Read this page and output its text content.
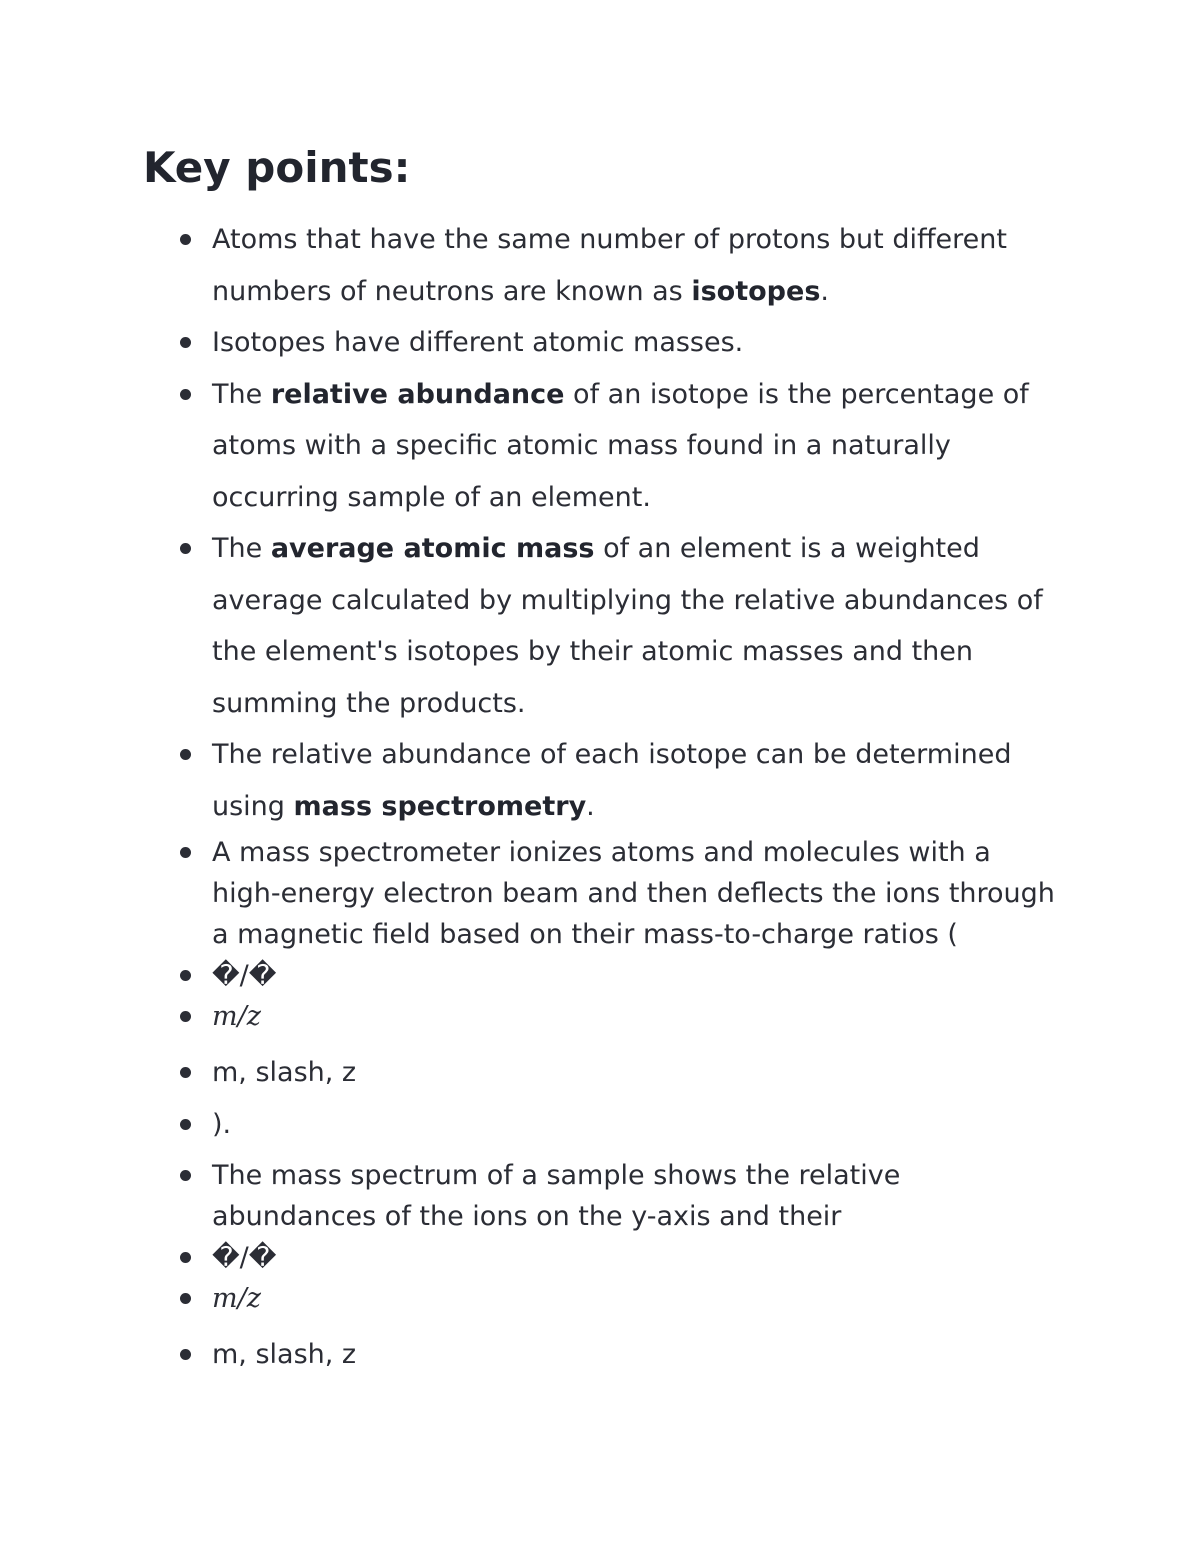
Key points:
Atoms that have the same number of protons but different numbers of neutrons are known as isotopes.
Isotopes have different atomic masses.
The relative abundance of an isotope is the percentage of atoms with a specific atomic mass found in a naturally occurring sample of an element.
The average atomic mass of an element is a weighted average calculated by multiplying the relative abundances of the element's isotopes by their atomic masses and then summing the products.
The relative abundance of each isotope can be determined using mass spectrometry.
A mass spectrometer ionizes atoms and molecules with a high-energy electron beam and then deflects the ions through a magnetic field based on their mass-to-charge ratios (
�/�
m/z
m, slash, z
).
The mass spectrum of a sample shows the relative abundances of the ions on the y-axis and their
�/�
m/z
m, slash, z
